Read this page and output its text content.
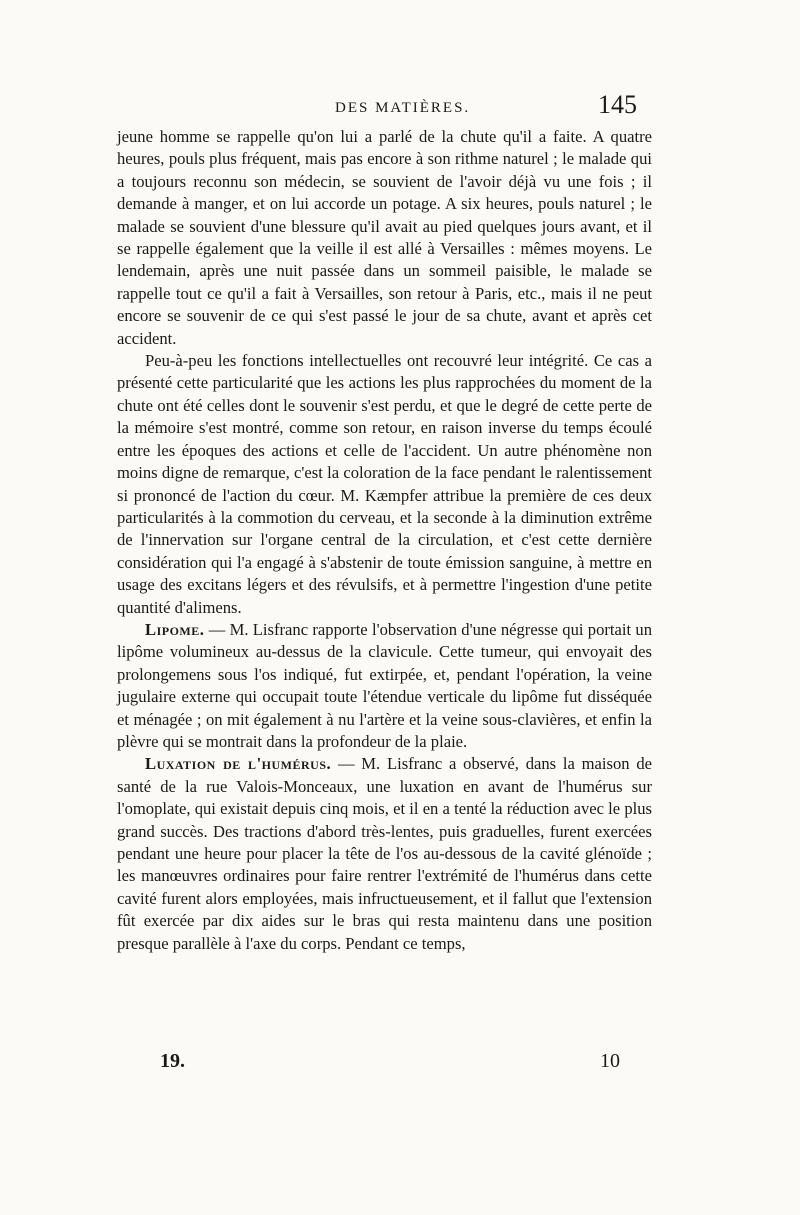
DES MATIÈRES.	145

jeune homme se rappelle qu'on lui a parlé de la chute qu'il a faite. A quatre heures, pouls plus fréquent, mais pas encore à son rithme naturel ; le malade qui a toujours reconnu son médecin, se souvient de l'avoir déjà vu une fois ; il demande à manger, et on lui accorde un potage. A six heures, pouls naturel ; le malade se souvient d'une blessure qu'il avait au pied quelques jours avant, et il se rappelle également que la veille il est allé à Versailles : mêmes moyens. Le lendemain, après une nuit passée dans un sommeil paisible, le malade se rappelle tout ce qu'il a fait à Versailles, son retour à Paris, etc., mais il ne peut encore se souvenir de ce qui s'est passé le jour de sa chute, avant et après cet accident.

Peu-à-peu les fonctions intellectuelles ont recouvré leur intégrité. Ce cas a présenté cette particularité que les actions les plus rapprochées du moment de la chute ont été celles dont le souvenir s'est perdu, et que le degré de cette perte de la mémoire s'est montré, comme son retour, en raison inverse du temps écoulé entre les époques des actions et celle de l'accident. Un autre phénomène non moins digne de remarque, c'est la coloration de la face pendant le ralentissement si prononcé de l'action du cœur. M. Kæmpfer attribue la première de ces deux particularités à la commotion du cerveau, et la seconde à la diminution extrême de l'innervation sur l'organe central de la circulation, et c'est cette dernière considération qui l'a engagé à s'abstenir de toute émission sanguine, à mettre en usage des excitans légers et des révulsifs, et à permettre l'ingestion d'une petite quantité d'alimens.

Lipome. — M. Lisfranc rapporte l'observation d'une négresse qui portait un lipôme volumineux au-dessus de la clavicule. Cette tumeur, qui envoyait des prolongemens sous l'os indiqué, fut extirpée, et, pendant l'opération, la veine jugulaire externe qui occupait toute l'étendue verticale du lipôme fut disséquée et ménagée ; on mit également à nu l'artère et la veine sous-clavières, et enfin la plèvre qui se montrait dans la profondeur de la plaie.

Luxation de l'humérus. — M. Lisfranc a observé, dans la maison de santé de la rue Valois-Monceaux, une luxation en avant de l'humérus sur l'omoplate, qui existait depuis cinq mois, et il en a tenté la réduction avec le plus grand succès. Des tractions d'abord très-lentes, puis graduelles, furent exercées pendant une heure pour placer la tête de l'os au-dessous de la cavité glénoïde ; les manœuvres ordinaires pour faire rentrer l'extrémité de l'humérus dans cette cavité furent alors employées, mais infructueusement, et il fallut que l'extension fût exercée par dix aides sur le bras qui resta maintenu dans une position presque parallèle à l'axe du corps. Pendant ce temps,

19.	10
